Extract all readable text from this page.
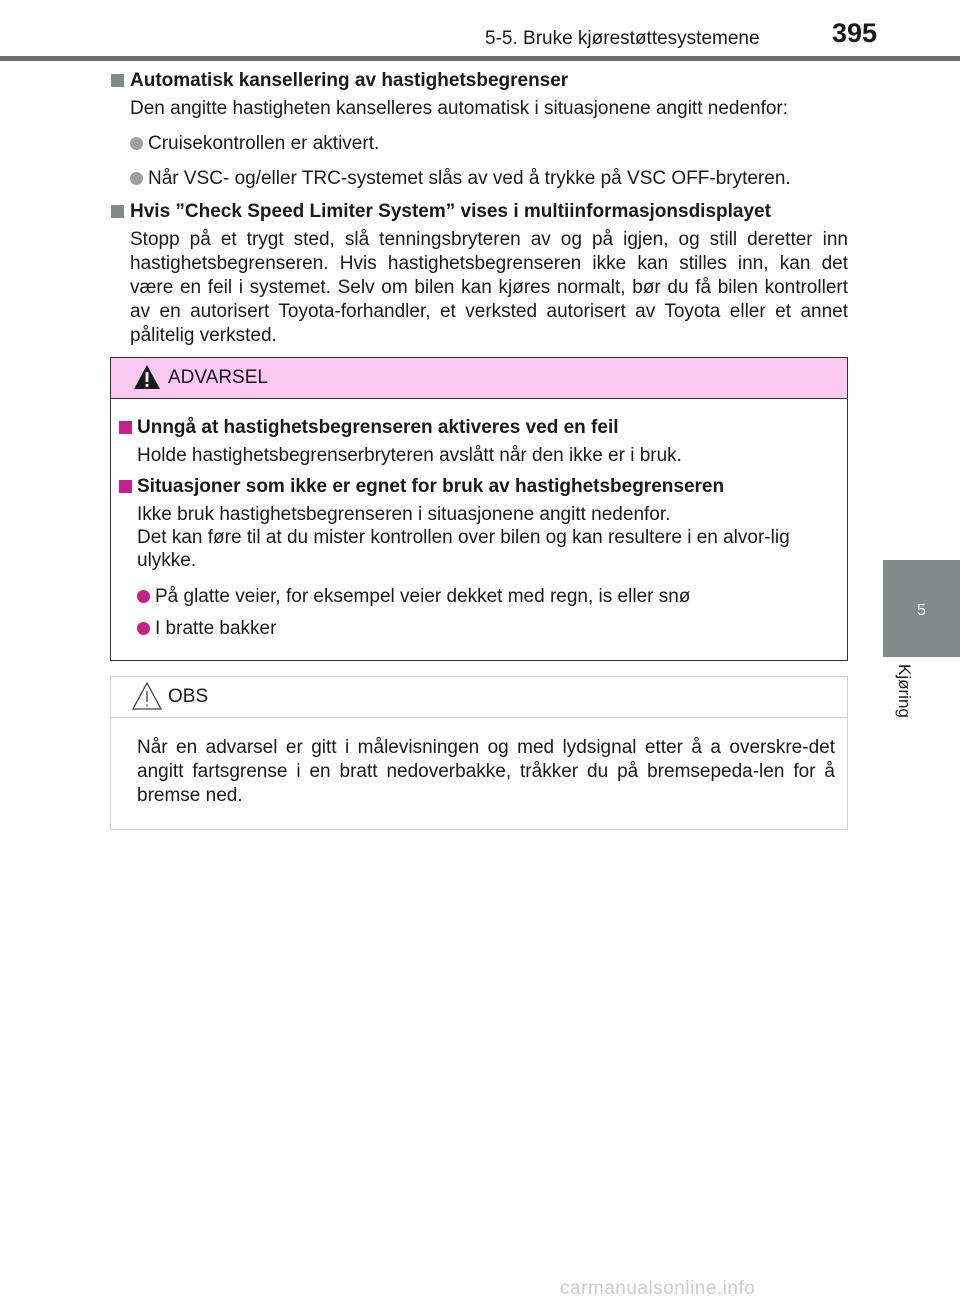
5-5. Bruke kjørestøttesystemene	395
5
Kjøring
Automatisk kansellering av hastighetsbegrenser
Den angitte hastigheten kanselleres automatisk i situasjonene angitt nedenfor:
Cruisekontrollen er aktivert.
Når VSC- og/eller TRC-systemet slås av ved å trykke på VSC OFF-bryteren.
Hvis ”Check Speed Limiter System” vises i multiinformasjonsdisplayet
Stopp på et trygt sted, slå tenningsbryteren av og på igjen, og still deretter inn hastighetsbegrenseren. Hvis hastighetsbegrenseren ikke kan stilles inn, kan det være en feil i systemet. Selv om bilen kan kjøres normalt, bør du få bilen kontrollert av en autorisert Toyota-forhandler, et verksted autorisert av Toyota eller et annet pålitelig verksted.
ADVARSEL
Unngå at hastighetsbegrenseren aktiveres ved en feil
Holde hastighetsbegrenserbryteren avslått når den ikke er i bruk.
Situasjoner som ikke er egnet for bruk av hastighetsbegrenseren
Ikke bruk hastighetsbegrenseren i situasjonene angitt nedenfor.
Det kan føre til at du mister kontrollen over bilen og kan resultere i en alvor-lig ulykke.
På glatte veier, for eksempel veier dekket med regn, is eller snø
I bratte bakker
OBS
Når en advarsel er gitt i målevisningen og med lydsignal etter å a overskre-det angitt fartsgrense i en bratt nedoverbakke, tråkker du på bremsepeda-len for å bremse ned.
carmanualsonline.info
